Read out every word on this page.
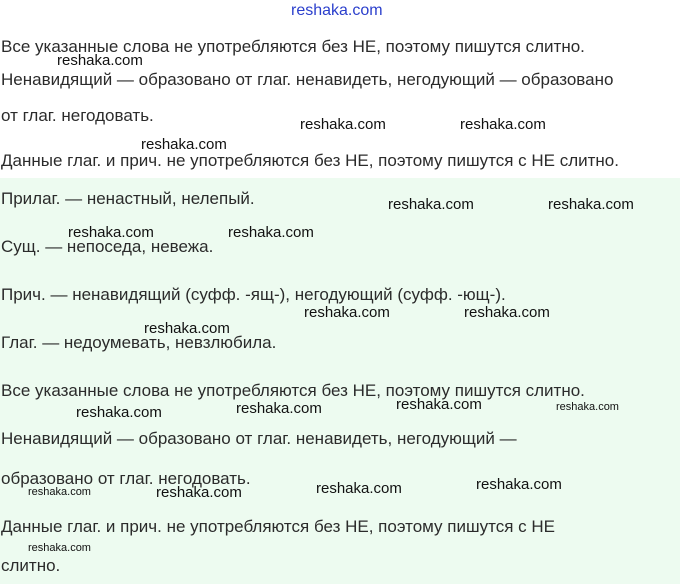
reshaka.com
Все указанные слова не употребляются без НЕ, поэтому пишутся слитно.
Ненавидящий — образовано от глаг. ненавидеть, негодующий — образовано
от глаг. негодовать.
Данные глаг. и прич. не употребляются без НЕ, поэтому пишутся с НЕ слитно.
Прилаг. — ненастный, нелепый.
Сущ. — непоседа, невежа.
Прич. — ненавидящий (суфф. -ящ-), негодующий (суфф. -ющ-).
Глаг. — недоумевать, невзлюбила.
Все указанные слова не употребляются без НЕ, поэтому пишутся слитно.
Ненавидящий — образовано от глаг. ненавидеть, негодующий —
образовано от глаг. негодовать.
Данные глаг. и прич. не употребляются без НЕ, поэтому пишутся с НЕ
слитно.
reshaka.com
reshaka.com
reshaka.com	reshaka.com
reshaka.com	reshaka.com
reshaka.com	reshaka.com
reshaka.com	reshaka.com
reshaka.com
reshaka.com	reshaka.com	reshaka.com	reshaka.com
reshaka.com	reshaka.com	reshaka.com	reshaka.com
reshaka.com
